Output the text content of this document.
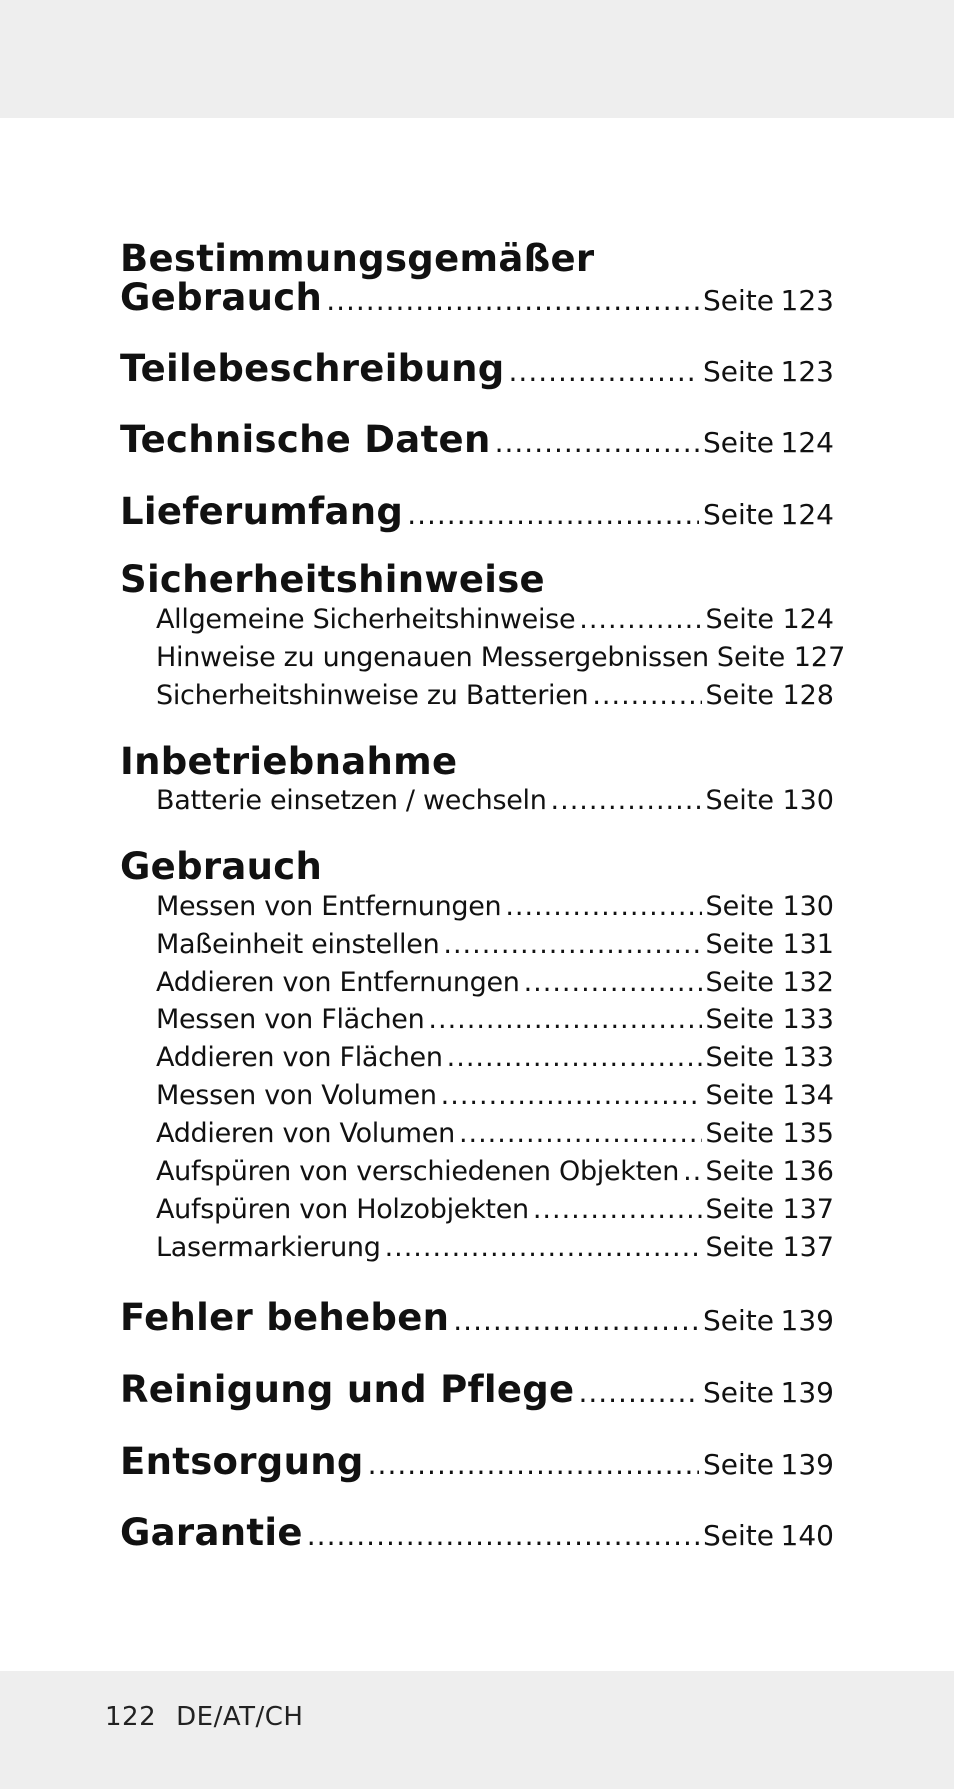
Bestimmungsgemäßer
Gebrauch .....	Seite 123
Teilebeschreibung .....	Seite 123
Technische Daten .....	Seite 124
Lieferumfang .....	Seite 124
Sicherheitshinweise
Allgemeine Sicherheitshinweise .....	Seite 124
Hinweise zu ungenauen Messergebnissen Seite 127
Sicherheitshinweise zu Batterien .....	Seite 128
Inbetriebnahme
Batterie einsetzen / wechseln .....	Seite 130
Gebrauch
Messen von Entfernungen .....	Seite 130
Maßeinheit einstellen .....	Seite 131
Addieren von Entfernungen .....	Seite 132
Messen von Flächen .....	Seite 133
Addieren von Flächen .....	Seite 133
Messen von Volumen .....	Seite 134
Addieren von Volumen .....	Seite 135
Aufspüren von verschiedenen Objekten ..... Seite 136
Aufspüren von Holzobjekten .....	Seite 137
Lasermarkierung .....	Seite 137
Fehler beheben .....	Seite 139
Reinigung und Pflege .....	Seite 139
Entsorgung .....	Seite 139
Garantie .....	Seite 140
122 DE/AT/CH
